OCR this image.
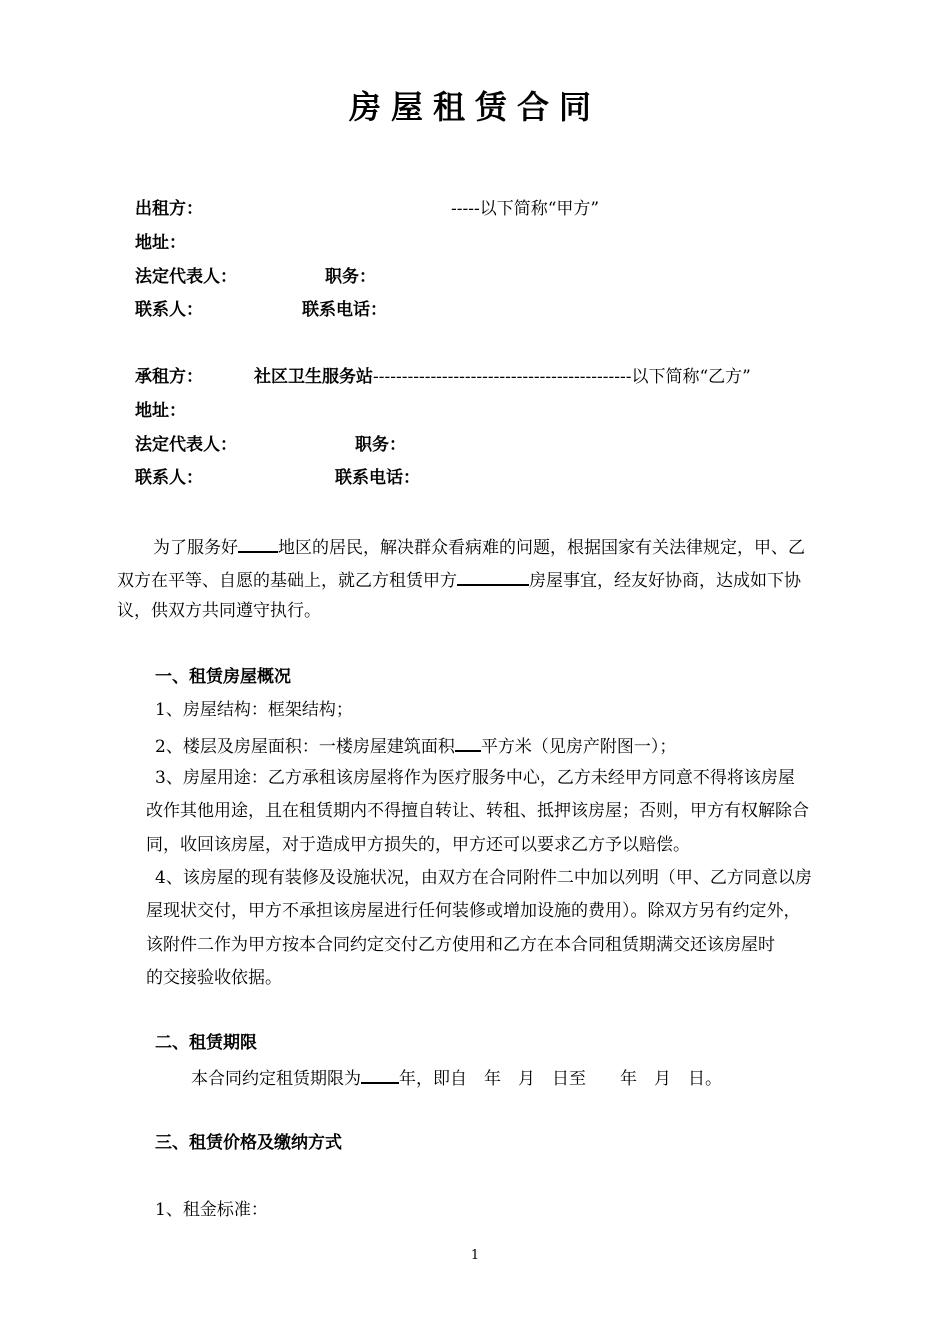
房屋租赁合同
出租方：	-----以下简称“甲方”
地址：
法定代表人：	职务：
联系人：	联系电话：
承租方：	社区卫生服务站---------------------------------------------以下简称“乙方”
地址：
法定代表人：	职务：
联系人：	联系电话：
为了服务好 地区的居民，解决群众看病难的问题，根据国家有关法律规定，甲、乙
双方在平等、自愿的基础上，就乙方租赁甲方	房屋事宜，经友好协商，达成如下协
议，供双方共同遵守执行。
一、租赁房屋概况
1、房屋结构：框架结构；
2、楼层及房屋面积：一楼房屋建筑面积 平方米（见房产附图一）；
3、房屋用途：乙方承租该房屋将作为医疗服务中心，乙方未经甲方同意不得将该房屋
改作其他用途，且在租赁期内不得擅自转让、转租、抵押该房屋；否则，甲方有权解除合
同，收回该房屋，对于造成甲方损失的，甲方还可以要求乙方予以赔偿。
4、该房屋的现有装修及设施状况，由双方在合同附件二中加以列明（甲、乙方同意以房
屋现状交付，甲方不承担该房屋进行任何装修或增加设施的费用）。除双方另有约定外，
该附件二作为甲方按本合同约定交付乙方使用和乙方在本合同租赁期满交还该房屋时
的交接验收依据。
二、租赁期限
本合同约定租赁期限为 年，即自　年　月　日至　　年　月　日。
三、租赁价格及缴纳方式
1、租金标准：
1
